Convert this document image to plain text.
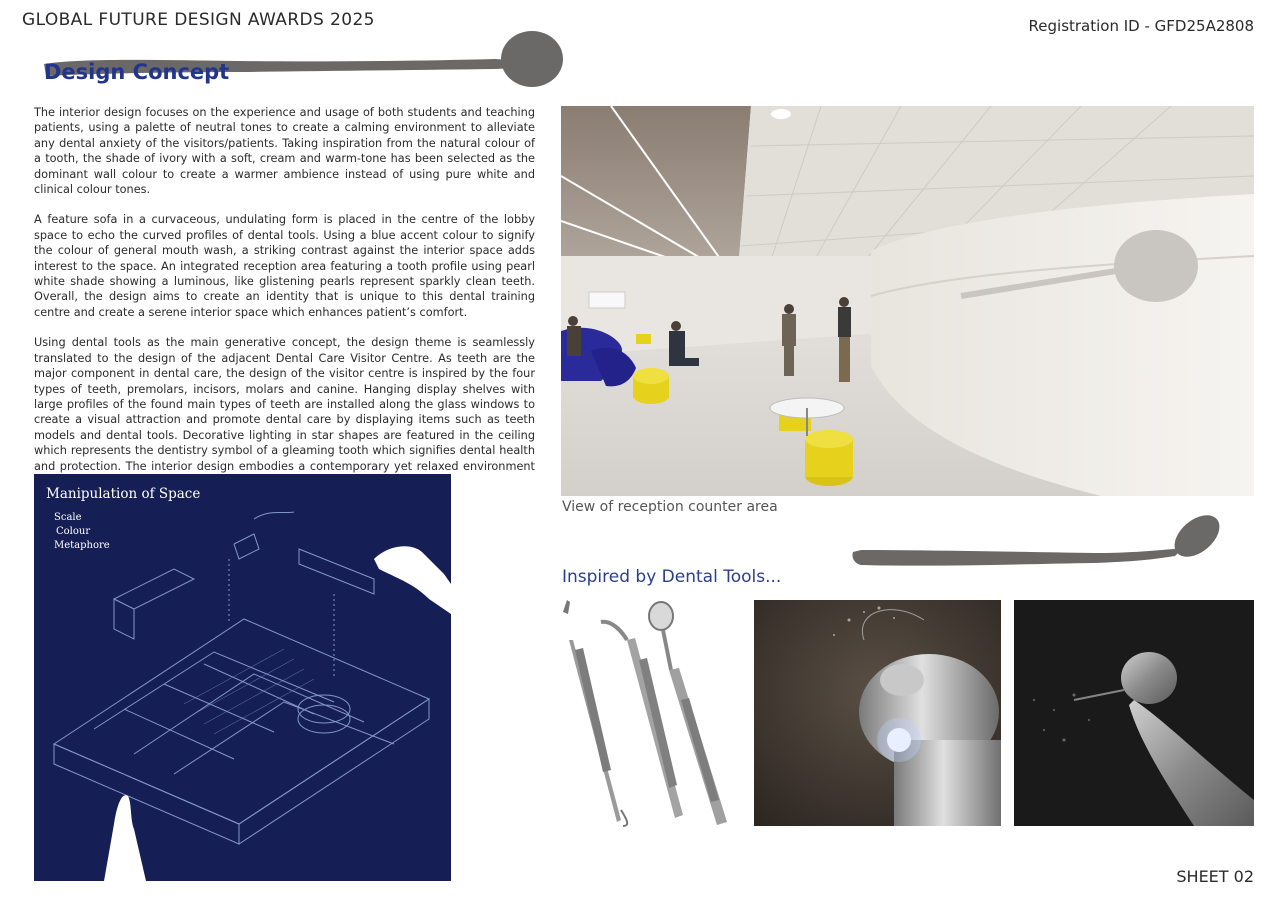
GLOBAL FUTURE DESIGN AWARDS 2025	Registration ID - GFD25A2808
Design Concept

The interior design focuses on the experience and usage of both students and teaching patients, using a palette of neutral tones to create a calming environment to alleviate any dental anxiety of the visitors/patients. Taking inspiration from the natural colour of a tooth, the shade of ivory with a soft, cream and warm-tone has been selected as the dominant wall colour to create a warmer ambience instead of using pure white and clinical colour tones.

A feature sofa in a curvaceous, undulating form is placed in the centre of the lobby space to echo the curved profiles of dental tools. Using a blue accent colour to signify the colour of general mouth wash, a striking contrast against the interior space adds interest to the space. An integrated reception area featuring a tooth profile using pearl white shade showing a luminous, like glistening pearls represent sparkly clean teeth. Overall, the design aims to create an identity that is unique to this dental training centre and create a serene interior space which enhances patient’s comfort.

Using dental tools as the main generative concept, the design theme is seamlessly translated to the design of the adjacent Dental Care Visitor Centre. As teeth are the major component in dental care, the design of the visitor centre is inspired by the four types of teeth, premolars, incisors, molars and canine. Hanging display shelves with large profiles of the found main types of teeth are installed along the glass windows to create a visual attraction and promote dental care by displaying items such as teeth models and dental tools. Decorative lighting in star shapes are featured in the ceiling which represents the dentistry symbol of a gleaming tooth which signifies dental health and protection. The interior design embodies a contemporary yet relaxed environment

View of reception counter area
Inspired by Dental Tools...
Manipulation of Space
Scale
Colour
Metaphore
SHEET 02
